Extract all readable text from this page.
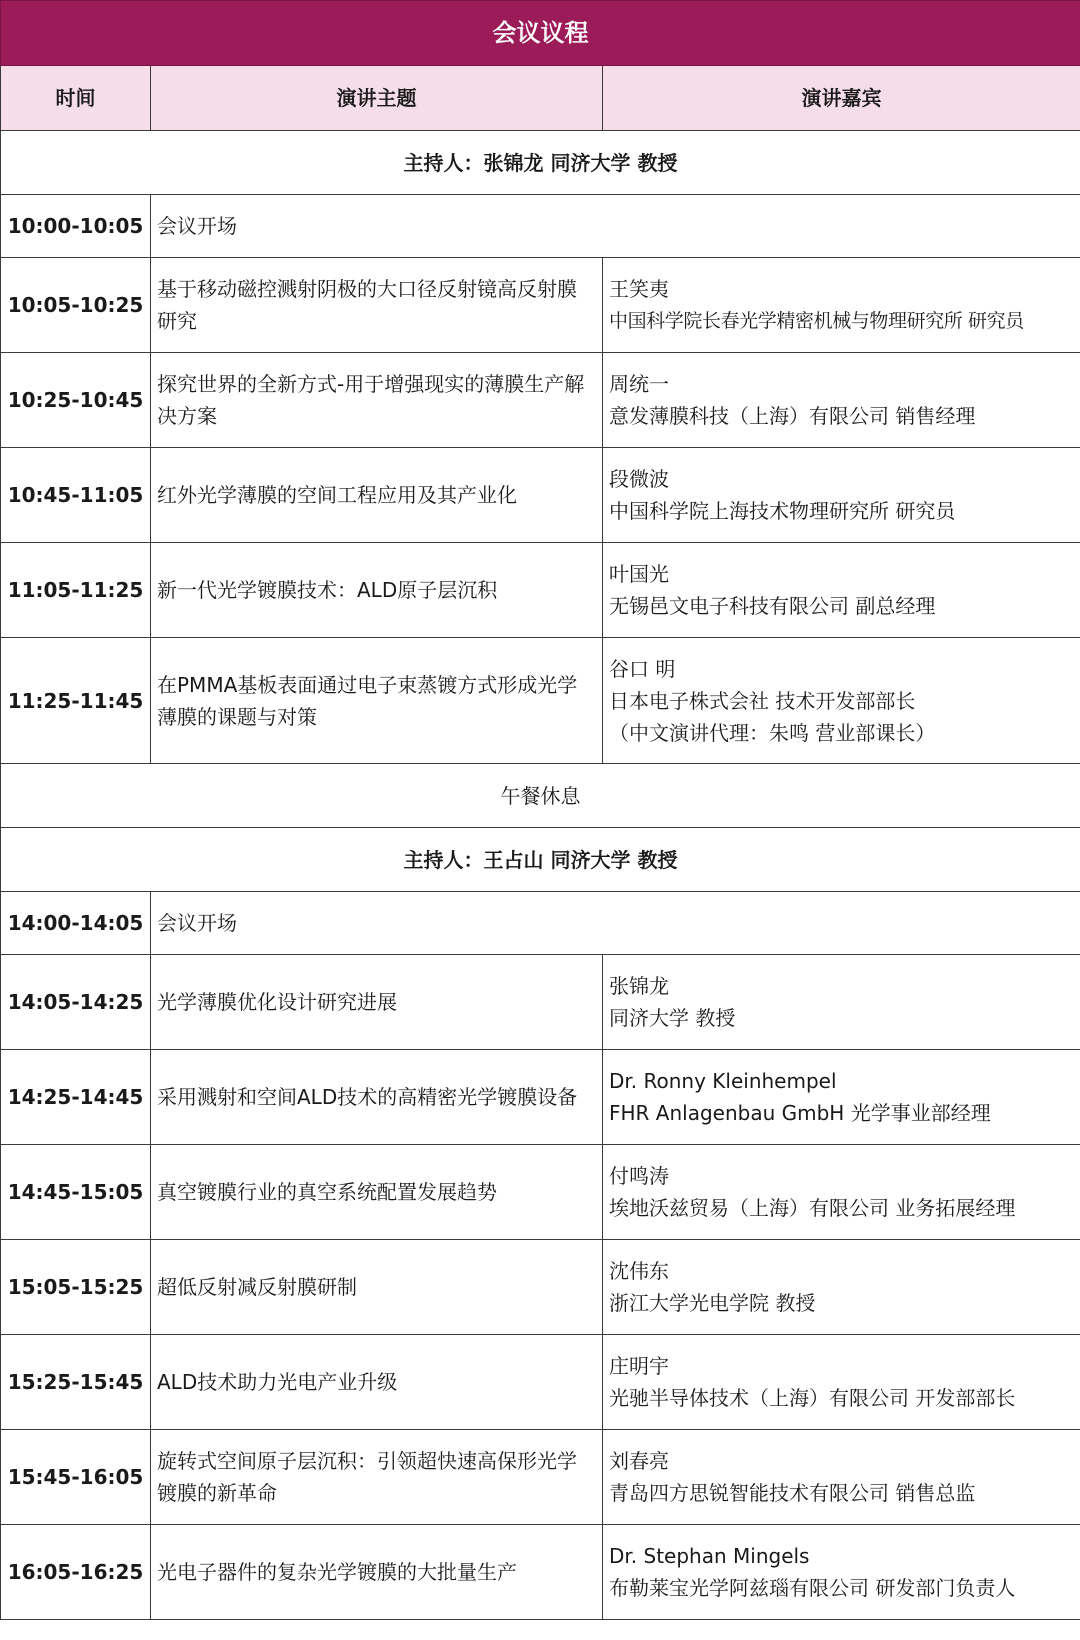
会议议程		
时间	演讲主题	演讲嘉宾
主持人：张锦龙 同济大学 教授		
10:00-10:05	会议开场	
10:05-10:25	基于移动磁控溅射阴极的大口径反射镜高反射膜研究	王笑夷
中国科学院长春光学精密机械与物理研究所 研究员

10:25-10:45	探究世界的全新方式-用于增强现实的薄膜生产解决方案	周统一
意发薄膜科技（上海）有限公司 销售经理

10:45-11:05	红外光学薄膜的空间工程应用及其产业化	段微波
中国科学院上海技术物理研究所 研究员

11:05-11:25	新一代光学镀膜技术：ALD原子层沉积	叶国光
无锡邑文电子科技有限公司 副总经理

11:25-11:45	在PMMA基板表面通过电子束蒸镀方式形成光学薄膜的课题与对策	谷口 明
日本电子株式会社 技术开发部部长
（中文演讲代理：朱鸣 营业部课长）

午餐休息		
主持人：王占山 同济大学 教授		
14:00-14:05	会议开场	
14:05-14:25	光学薄膜优化设计研究进展	张锦龙
同济大学 教授

14:25-14:45	采用溅射和空间ALD技术的高精密光学镀膜设备	Dr. Ronny Kleinhempel
FHR Anlagenbau GmbH 光学事业部经理

14:45-15:05	真空镀膜行业的真空系统配置发展趋势	付鸣涛
埃地沃兹贸易（上海）有限公司 业务拓展经理

15:05-15:25	超低反射减反射膜研制	沈伟东
浙江大学光电学院 教授

15:25-15:45	ALD技术助力光电产业升级	庄明宇
光驰半导体技术（上海）有限公司 开发部部长

15:45-16:05	旋转式空间原子层沉积：引领超快速高保形光学镀膜的新革命	刘春亮
青岛四方思锐智能技术有限公司 销售总监

16:05-16:25	光电子器件的复杂光学镀膜的大批量生产	Dr. Stephan Mingels
布勒莱宝光学阿兹瑙有限公司 研发部门负责人
